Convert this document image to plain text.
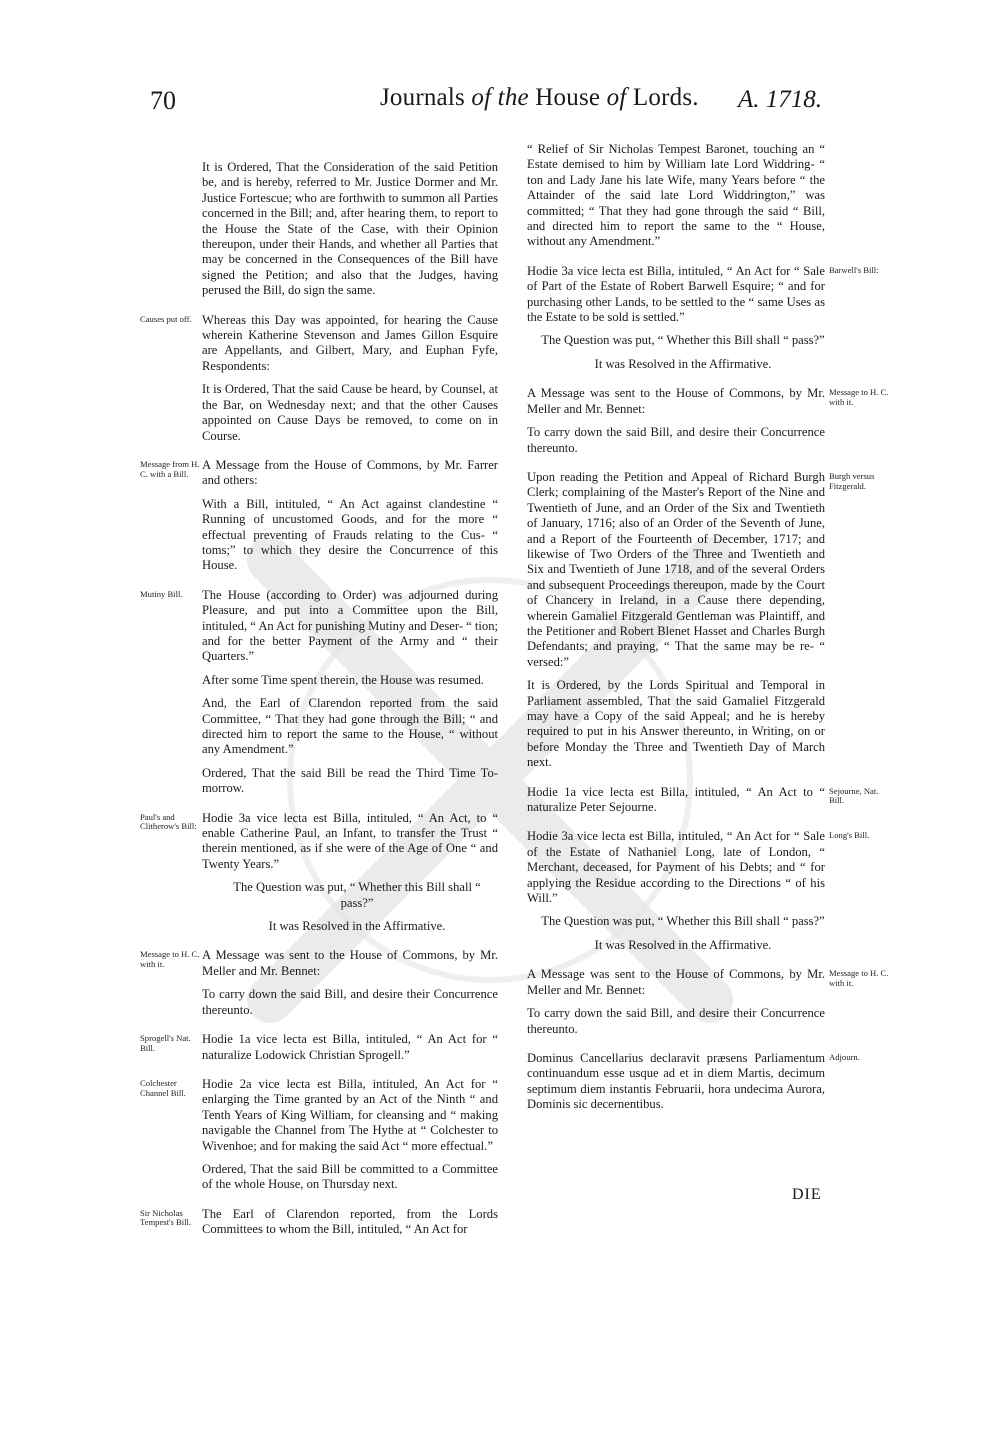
70	Journals of the House of Lords. A. 1718.

It is Ordered, That the Consideration of the said Petition be, and is hereby, referred to Mr. Justice Dormer and Mr. Justice Fortescue; who are forthwith to summon all Parties concerned in the Bill; and, after hearing them, to report to the House the State of the Case, with their Opinion thereupon, under their Hands, and whether all Parties that may be concerned in the Consequences of the Bill have signed the Petition; and also that the Judges, having perused the Bill, do sign the same.

Causes put off. Whereas this Day was appointed, for hearing the Cause wherein Katherine Stevenson and James Gillon Esquire are Appellants, and Gilbert, Mary, and Euphan Fyfe, Respondents:

It is Ordered, That the said Cause be heard, by Counsel, at the Bar, on Wednesday next; and that the other Causes appointed on Cause Days be removed, to come on in Course.

Message from H. C. with a Bill.

A Message from the House of Commons, by Mr. Farrer and others:

With a Bill, intituled, “ An Act against clandestine “ Running of uncustomed Goods, and for the more “ effectual preventing of Frauds relating to the Cus- “ toms;” to which they desire the Concurrence of this House.

Mutiny Bill.	The House (according to Order) was adjourned during Pleasure, and put into a Committee upon the Bill, intituled, “ An Act for punishing Mutiny and Deser- “ tion; and for the better Payment of the Army and “ their Quarters.”

After some Time spent therein, the House was resumed.

And, the Earl of Clarendon reported from the said Committee, “ That they had gone through the Bill; “ and directed him to report the same to the House, “ without any Amendment.”

Ordered, That the said Bill be read the Third Time To-morrow.

Paul's and Clitherow's Bill:

Hodie 3a vice lecta est Billa, intituled, “ An Act, to “ enable Catherine Paul, an Infant, to transfer the Trust “ therein mentioned, as if she were of the Age of One “ and Twenty Years.”

The Question was put, “ Whether this Bill shall “ pass?”

It was Resolved in the Affirmative.

Message to H. C. with it.

A Message was sent to the House of Commons, by Mr. Meller and Mr. Bennet:

To carry down the said Bill, and desire their Concurrence thereunto.

Sprogell's Nat. Bill.

Hodie 1a vice lecta est Billa, intituled, “ An Act for “ naturalize Lodowick Christian Sprogell.”

Colchester Channel Bill.

Hodie 2a vice lecta est Billa, intituled, An Act for “ enlarging the Time granted by an Act of the Ninth “ and Tenth Years of King William, for cleansing and “ making navigable the Channel from The Hythe at “ Colchester to Wivenhoe; and for making the said Act “ more effectual.”

Ordered, That the said Bill be committed to a Committee of the whole House, on Thursday next.

Sir Nicholas Tempest's Bill.

The Earl of Clarendon reported, from the Lords Committees to whom the Bill, intituled, “ An Act for

“ Relief of Sir Nicholas Tempest Baronet, touching an “ Estate demised to him by William late Lord Widdring- “ ton and Lady Jane his late Wife, many Years before “ the Attainder of the said late Lord Widdrington,” was committed; “ That they had gone through the said “ Bill, and directed him to report the same to the “ House, without any Amendment.”

Barwell's Bill:

Hodie 3a vice lecta est Billa, intituled, “ An Act for “ Sale of Part of the Estate of Robert Barwell Esquire; “ and for purchasing other Lands, to be settled to the “ same Uses as the Estate to be sold is settled.”

The Question was put, “ Whether this Bill shall “ pass?”

It was Resolved in the Affirmative.

Message to H. C. with it.

A Message was sent to the House of Commons, by Mr. Meller and Mr. Bennet:

To carry down the said Bill, and desire their Concurrence thereunto.

Burgh versus Fitzgerald.

Upon reading the Petition and Appeal of Richard Burgh Clerk; complaining of the Master's Report of the Nine and Twentieth of June, and an Order of the Six and Twentieth of January, 1716; also of an Order of the Seventh of June, and a Report of the Fourteenth of December, 1717; and likewise of Two Orders of the Three and Twentieth and Six and Twentieth of June 1718, and of the several Orders and subsequent Proceedings thereupon, made by the Court of Chancery in Ireland, in a Cause there depending, wherein Gamaliel Fitzgerald Gentleman was Plaintiff, and the Petitioner and Robert Blenet Hasset and Charles Burgh Defendants; and praying, “ That the same may be re- “ versed:”

It is Ordered, by the Lords Spiritual and Temporal in Parliament assembled, That the said Gamaliel Fitzgerald may have a Copy of the said Appeal; and he is hereby required to put in his Answer thereunto, in Writing, on or before Monday the Three and Twentieth Day of March next.

Sejourne, Nat. Bill.

Hodie 1a vice lecta est Billa, intituled, “ An Act to “ naturalize Peter Sejourne.

Long's Bill.

Hodie 3a vice lecta est Billa, intituled, “ An Act for “ Sale of the Estate of Nathaniel Long, late of London, “ Merchant, deceased, for Payment of his Debts; and “ for applying the Residue according to the Directions “ of his Will.”

The Question was put, “ Whether this Bill shall “ pass?”

It was Resolved in the Affirmative.

Message to H. C. with it.

A Message was sent to the House of Commons, by Mr. Meller and Mr. Bennet:

To carry down the said Bill, and desire their Concurrence thereunto.

Adjourn.

Dominus Cancellarius declaravit præsens Parliamentum continuandum esse usque ad et in diem Martis, decimum septimum diem instantis Februarii, hora undecima Aurora, Dominis sic decernentibus.

DIE
